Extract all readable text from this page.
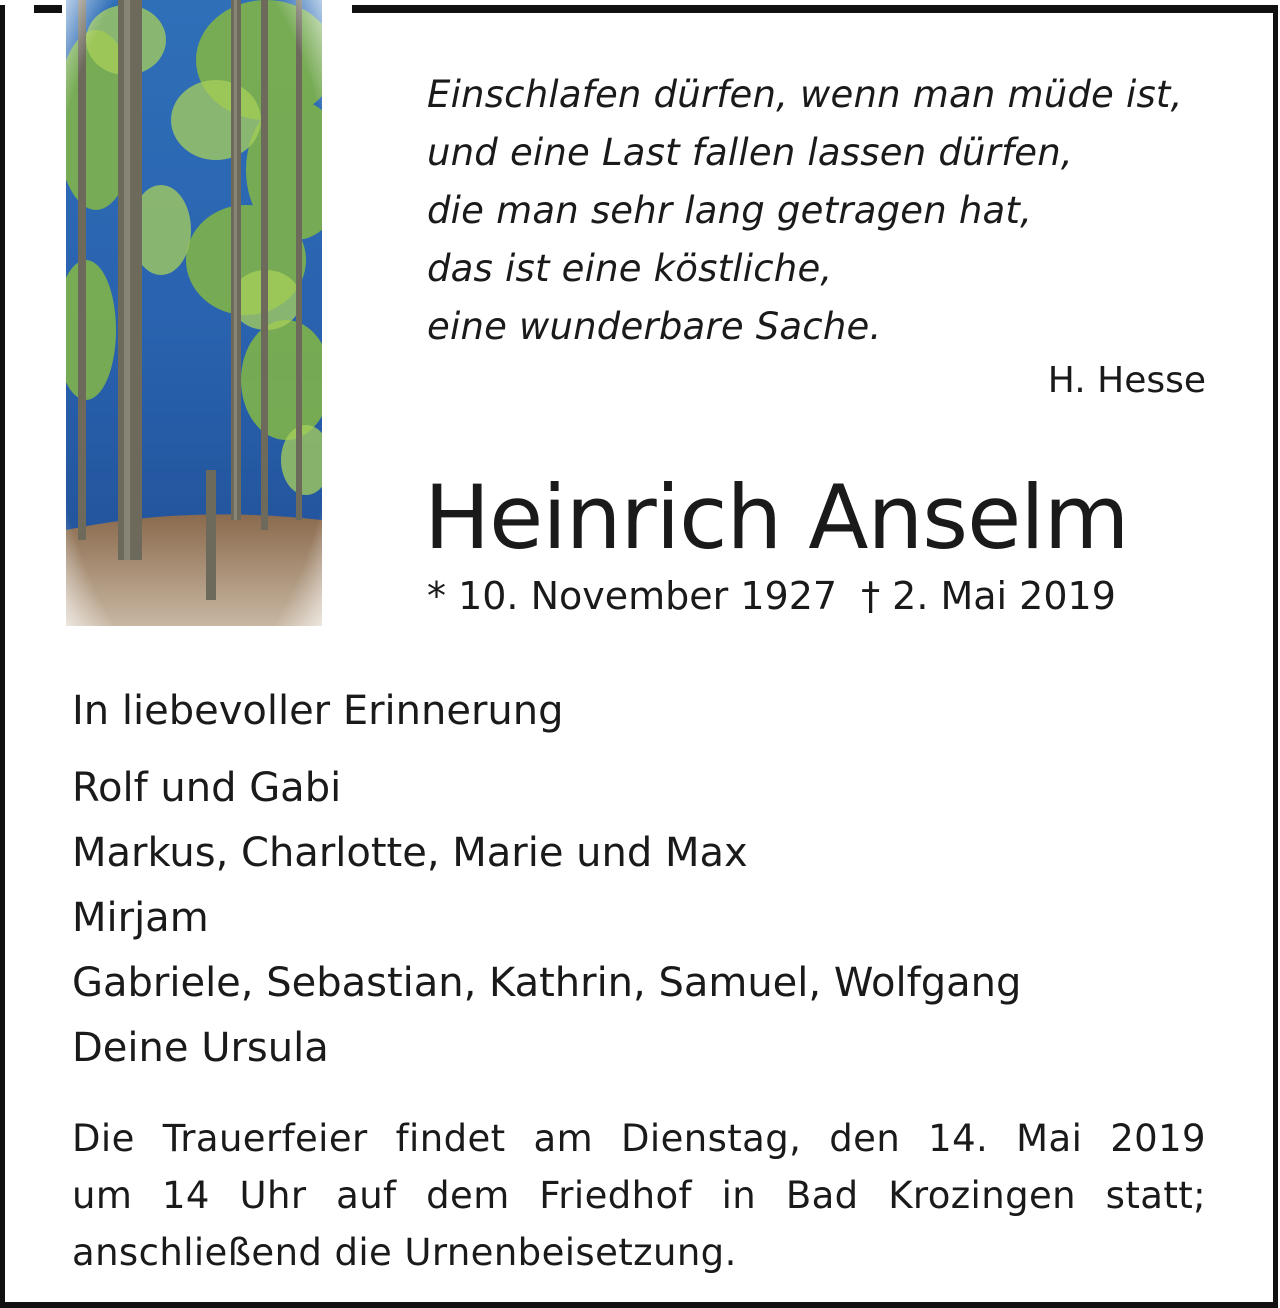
Einschlafen dürfen, wenn man müde ist,
und eine Last fallen lassen dürfen,
die man sehr lang getragen hat,
das ist eine köstliche,
eine wunderbare Sache.
H. Hesse
Heinrich Anselm
* 10. November 1927 † 2. Mai 2019
In liebevoller Erinnerung
Rolf und Gabi
Markus, Charlotte, Marie und Max
Mirjam
Gabriele, Sebastian, Kathrin, Samuel, Wolfgang
Deine Ursula
Die Trauerfeier findet am Dienstag, den 14. Mai 2019
um 14 Uhr auf dem Friedhof in Bad Krozingen statt;
anschließend die Urnenbeisetzung.
